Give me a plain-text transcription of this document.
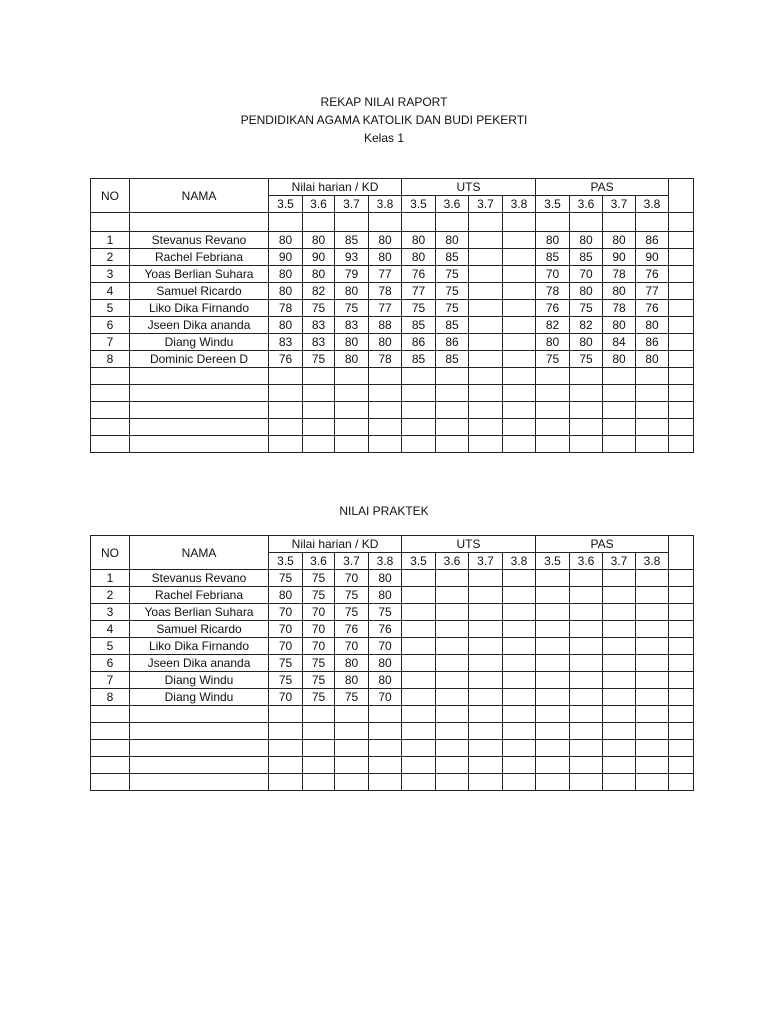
REKAP NILAI RAPORT
PENDIDIKAN AGAMA KATOLIK DAN BUDI PEKERTI
Kelas 1
NO	NAMA	Nilai harian / KD				UTS				PAS				
		3.5	3.6	3.7	3.8	3.5	3.6	3.7	3.8	3.5	3.6	3.7	3.8	

1	Stevanus Revano	80	80	85	80	80	80			80	80	80	86	
2	Rachel Febriana	90	90	93	80	80	85			85	85	90	90	
3	Yoas Berlian Suhara	80	80	79	77	76	75			70	70	78	76	
4	Samuel Ricardo	80	82	80	78	77	75			78	80	80	77	
5	Liko Dika Firnando	78	75	75	77	75	75			76	75	78	76	
6	Jseen Dika ananda	80	83	83	88	85	85			82	82	80	80	
7	Diang Windu	83	83	80	80	86	86			80	80	84	86	
8	Dominic Dereen D	76	75	80	78	85	85			75	75	80	80	

NILAI PRAKTEK
NO	NAMA	Nilai harian / KD				UTS				PAS				
		3.5	3.6	3.7	3.8	3.5	3.6	3.7	3.8	3.5	3.6	3.7	3.8	
1	Stevanus Revano	75	75	70	80									
2	Rachel Febriana	80	75	75	80									
3	Yoas Berlian Suhara	70	70	75	75									
4	Samuel Ricardo	70	70	76	76									
5	Liko Dika Firnando	70	70	70	70									
6	Jseen Dika ananda	75	75	80	80									
7	Diang Windu	75	75	80	80									
8	Diang Windu	70	75	75	70									
